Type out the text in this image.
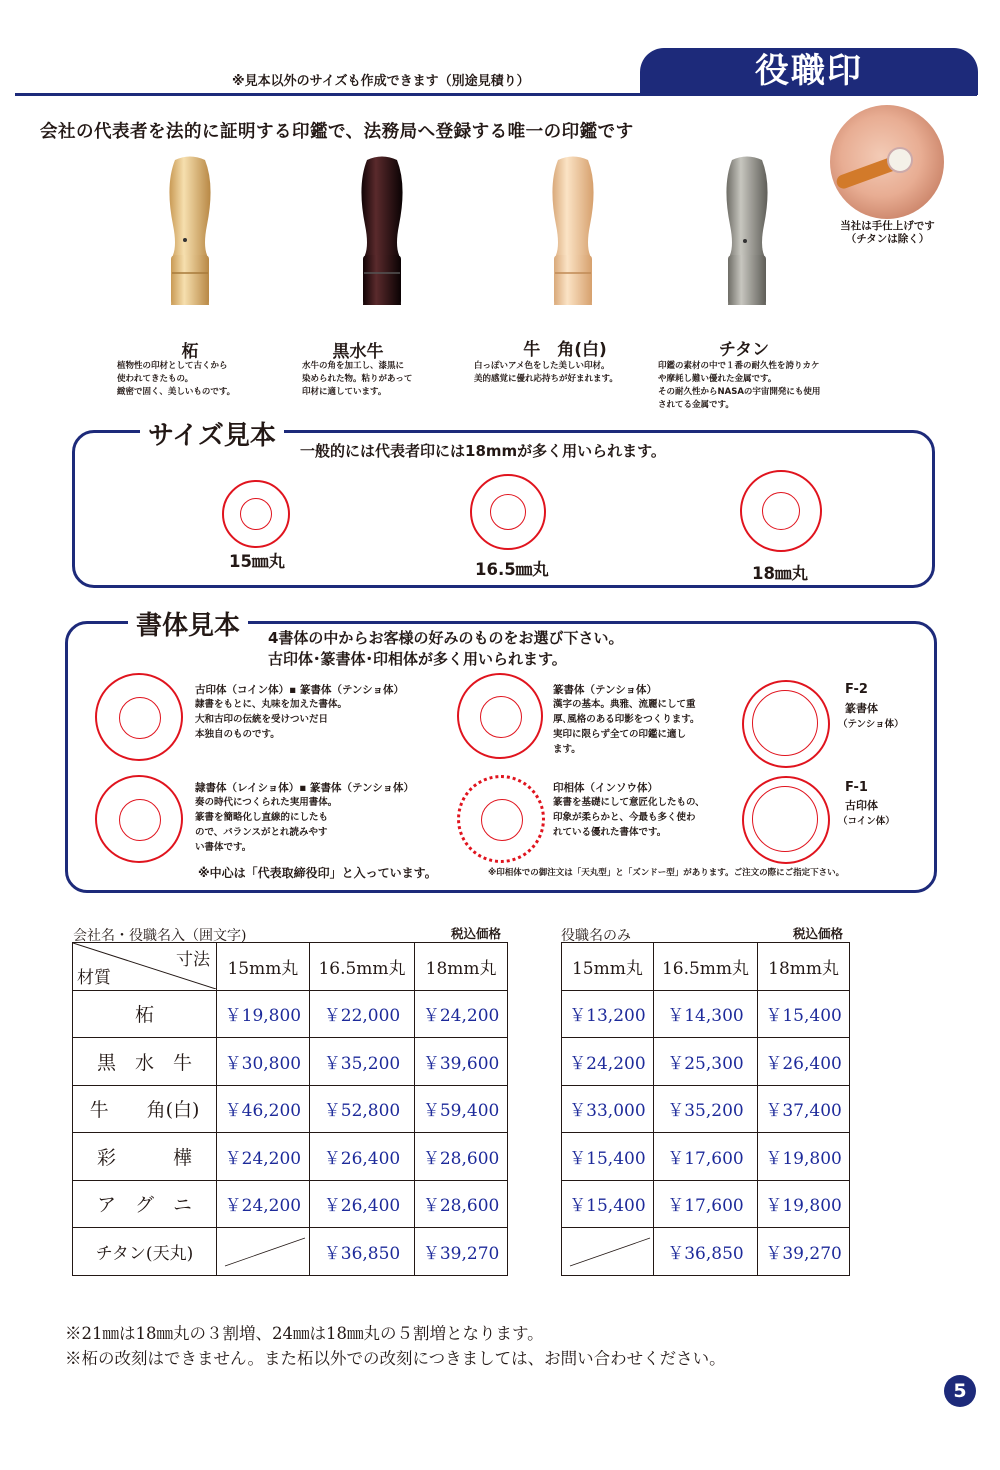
※見本以外のサイズも作成できます（別途見積り）	役職印
会社の代表者を法的に証明する印鑑で、法務局へ登録する唯一の印鑑です
当社は手仕上げです
（チタンは除く）
柘
植物性の印材として古くから
使われてきたもの。
緻密で固く、美しいものです。
黒水牛
水牛の角を加工し、漆黒に
染められた物。粘りがあって
印材に適しています。
牛　角(白)
白っぽいアメ色をした美しい印材。
美的感覚に優れ応持ちが好まれます。
チタン
印鑑の素材の中で１番の耐久性を誇りカケ
や摩耗し難い優れた金属です。
その耐久性からNASAの宇宙開発にも使用
されてる金属です。
サイズ見本	一般的には代表者印には18mmが多く用いられます。
15㎜丸	16.5㎜丸	18㎜丸
書体見本	4書体の中からお客様の好みのものをお選び下さい。
古印体･篆書体･印相体が多く用いられます。
古印体（コイン体）▪ 篆書体（テンショ体）
隷書をもとに、丸味を加えた書体。
大和古印の伝統を受けついだ日
本独自のものです。
隷書体（レイショ体）▪ 篆書体（テンショ体）
奏の時代につくられた実用書体。
篆書を簡略化し直線的にしたも
ので、バランスがとれ読みやす
い書体です。
篆書体（テンショ体）
漢字の基本。典雅、流麗にして重
厚､風格のある印影をつくります。
実印に限らず全ての印鑑に適し
ます。
印相体（インソウ体）
篆書を基礎にして意匠化したもの、
印象が柔らかと、今最も多く使わ
れている優れた書体です。
F-2
篆書体
（テンショ体）
F-1
古印体
（コイン体）
※中心は「代表取締役印」と入っています。	※印相体での御注文は「天丸型」と「ズンドー型」があります。ご注文の際にご指定下さい。
会社名・役職名入（囲文字)	税込価格
寸法
材質	15mm丸	16.5mm丸	18mm丸
柘	￥19,800	￥22,000	￥24,200
黒　水　牛	￥30,800	￥35,200	￥39,600
牛　　角(白)	￥46,200	￥52,800	￥59,400
彩　　　樺	￥24,200	￥26,400	￥28,600
ア　グ　ニ	￥24,200	￥26,400	￥28,600
チタン(天丸)		￥36,850	￥39,270
役職名のみ	税込価格
15mm丸	16.5mm丸	18mm丸
￥13,200	￥14,300	￥15,400
￥24,200	￥25,300	￥26,400
￥33,000	￥35,200	￥37,400
￥15,400	￥17,600	￥19,800
￥15,400	￥17,600	￥19,800

	￥36,850	￥39,270
※21㎜は18㎜丸の３割増、24㎜は18㎜丸の５割増となります。
※柘の改刻はできません。また柘以外での改刻につきましては、お問い合わせください。
5
